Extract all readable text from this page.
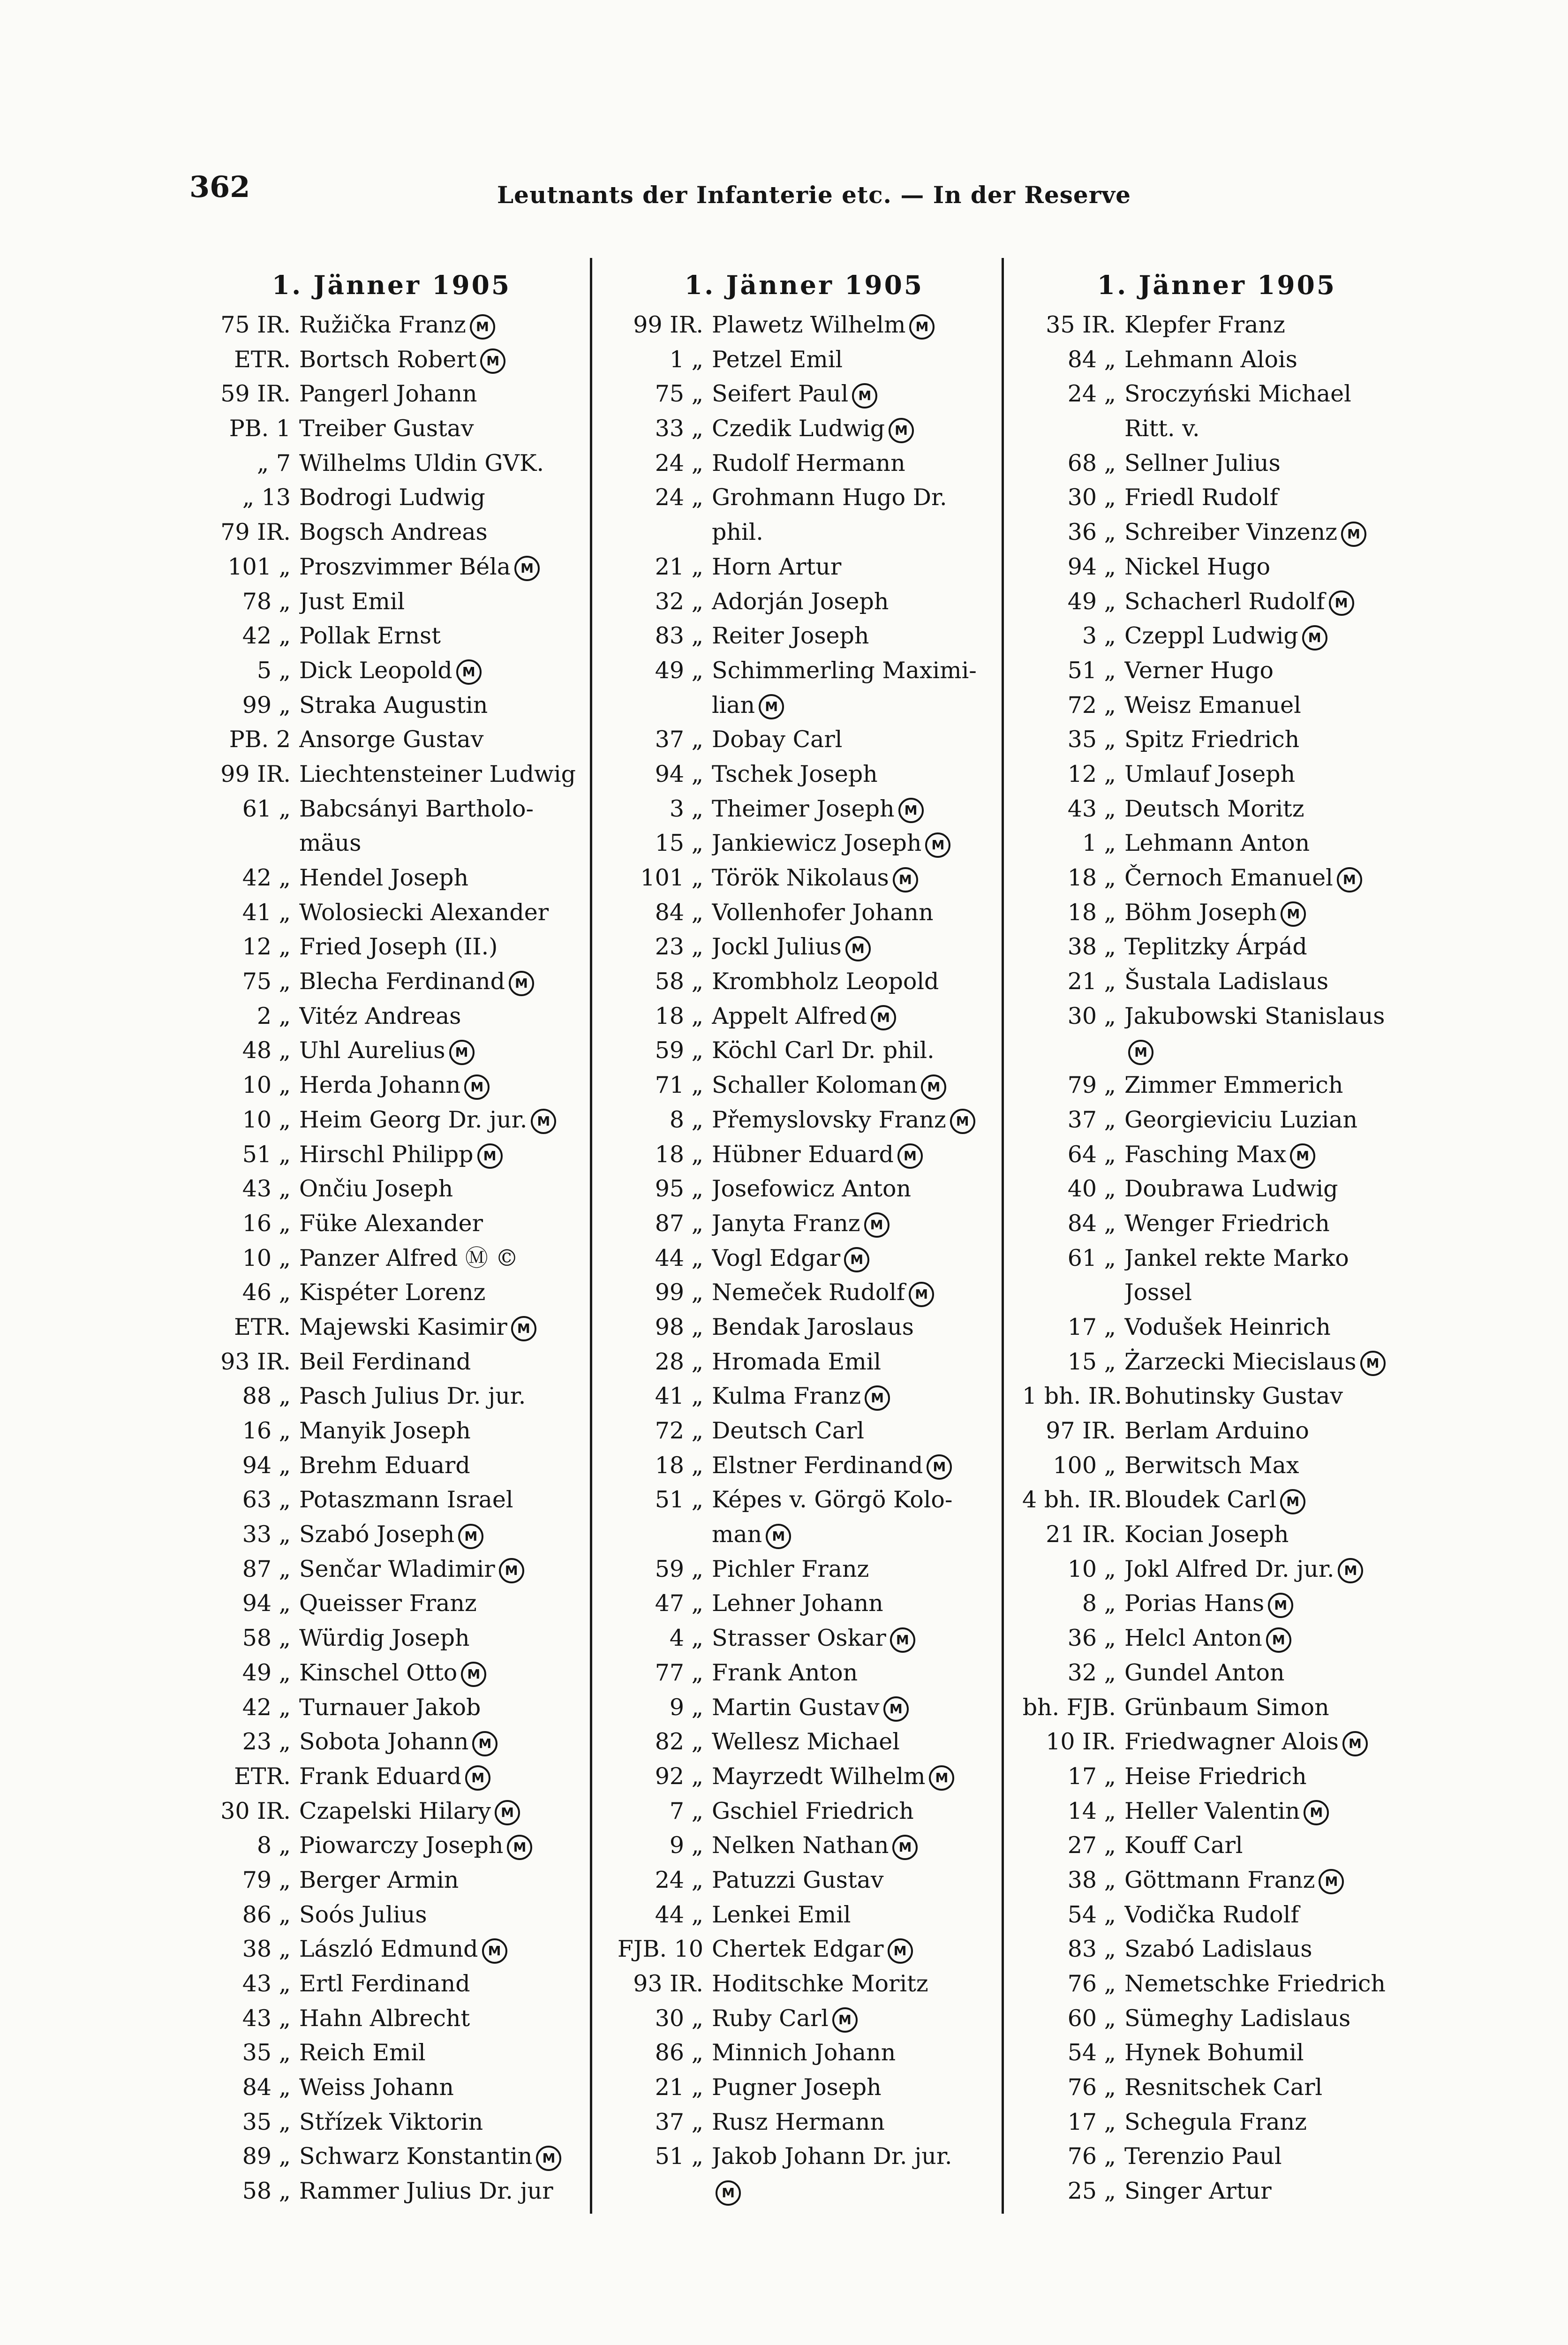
362	Leutnants der Infanterie etc. — In der Reserve
1. Jänner 1905
75 IR. Ružička Franz M
ETR. Bortsch Robert M
59 IR. Pangerl Johann
PB. 1 Treiber Gustav
„ 7 Wilhelms Uldin GVK.
„ 13 Bodrogi Ludwig
79 IR. Bogsch Andreas
101 „ Proszvimmer Béla M
78 „ Just Emil
42 „ Pollak Ernst
5 „ Dick Leopold M
99 „ Straka Augustin
PB. 2 Ansorge Gustav
99 IR. Liechtensteiner Ludwig
61 „ Babcsányi Bartholo-
mäus
42 „ Hendel Joseph
41 „ Wolosiecki Alexander
12 „ Fried Joseph (II.)
75 „ Blecha Ferdinand M
2 „ Vitéz Andreas
48 „ Uhl Aurelius M
10 „ Herda Johann M
10 „ Heim Georg Dr. jur. M
51 „ Hirschl Philipp M
43 „ Ončiu Joseph
16 „ Füke Alexander
10 „ Panzer Alfred Ⓜ ©
46 „ Kispéter Lorenz
ETR. Majewski Kasimir M
93 IR. Beil Ferdinand
88 „ Pasch Julius Dr. jur.
16 „ Manyik Joseph
94 „ Brehm Eduard
63 „ Potaszmann Israel
33 „ Szabó Joseph M
87 „ Senčar Wladimir M
94 „ Queisser Franz
58 „ Würdig Joseph
49 „ Kinschel Otto M
42 „ Turnauer Jakob
23 „ Sobota Johann M
ETR. Frank Eduard M
30 IR. Czapelski Hilary M
8 „ Piowarczy Joseph M
79 „ Berger Armin
86 „ Soós Julius
38 „ László Edmund M
43 „ Ertl Ferdinand
43 „ Hahn Albrecht
35 „ Reich Emil
84 „ Weiss Johann
35 „ Střízek Viktorin
89 „ Schwarz Konstantin M
58 „ Rammer Julius Dr. jur
1. Jänner 1905
99 IR. Plawetz Wilhelm M
1 „ Petzel Emil
75 „ Seifert Paul M
33 „ Czedik Ludwig M
24 „ Rudolf Hermann
24 „ Grohmann Hugo Dr.
phil.
21 „ Horn Artur
32 „ Adorján Joseph
83 „ Reiter Joseph
49 „ Schimmerling Maximi-
lian M
37 „ Dobay Carl
94 „ Tschek Joseph
3 „ Theimer Joseph M
15 „ Jankiewicz Joseph M
101 „ Török Nikolaus M
84 „ Vollenhofer Johann
23 „ Jockl Julius M
58 „ Krombholz Leopold
18 „ Appelt Alfred M
59 „ Köchl Carl Dr. phil.
71 „ Schaller Koloman M
8 „ Přemyslovsky Franz M
18 „ Hübner Eduard M
95 „ Josefowicz Anton
87 „ Janyta Franz M
44 „ Vogl Edgar M
99 „ Nemeček Rudolf M
98 „ Bendak Jaroslaus
28 „ Hromada Emil
41 „ Kulma Franz M
72 „ Deutsch Carl
18 „ Elstner Ferdinand M
51 „ Képes v. Görgö Kolo-
man M
59 „ Pichler Franz
47 „ Lehner Johann
4 „ Strasser Oskar M
77 „ Frank Anton
9 „ Martin Gustav M
82 „ Wellesz Michael
92 „ Mayrzedt Wilhelm M
7 „ Gschiel Friedrich
9 „ Nelken Nathan M
24 „ Patuzzi Gustav
44 „ Lenkei Emil
FJB. 10 Chertek Edgar M
93 IR. Hoditschke Moritz
30 „ Ruby Carl M
86 „ Minnich Johann
21 „ Pugner Joseph
37 „ Rusz Hermann
51 „ Jakob Johann Dr. jur.
M
1. Jänner 1905
35 IR. Klepfer Franz
84 „ Lehmann Alois
24 „ Sroczyński Michael
Ritt. v.
68 „ Sellner Julius
30 „ Friedl Rudolf
36 „ Schreiber Vinzenz M
94 „ Nickel Hugo
49 „ Schacherl Rudolf M
3 „ Czeppl Ludwig M
51 „ Verner Hugo
72 „ Weisz Emanuel
35 „ Spitz Friedrich
12 „ Umlauf Joseph
43 „ Deutsch Moritz
1 „ Lehmann Anton
18 „ Černoch Emanuel M
18 „ Böhm Joseph M
38 „ Teplitzky Árpád
21 „ Šustala Ladislaus
30 „ Jakubowski Stanislaus
M
79 „ Zimmer Emmerich
37 „ Georgieviciu Luzian
64 „ Fasching Max M
40 „ Doubrawa Ludwig
84 „ Wenger Friedrich
61 „ Jankel rekte Marko
Jossel
17 „ Vodušek Heinrich
15 „ Żarzecki Miecislaus M
1 bh. IR. Bohutinsky Gustav
97 IR. Berlam Arduino
100 „ Berwitsch Max
4 bh. IR. Bloudek Carl M
21 IR. Kocian Joseph
10 „ Jokl Alfred Dr. jur. M
8 „ Porias Hans M
36 „ Helcl Anton M
32 „ Gundel Anton
bh. FJB. Grünbaum Simon
10 IR. Friedwagner Alois M
17 „ Heise Friedrich
14 „ Heller Valentin M
27 „ Kouff Carl
38 „ Göttmann Franz M
54 „ Vodička Rudolf
83 „ Szabó Ladislaus
76 „ Nemetschke Friedrich
60 „ Sümeghy Ladislaus
54 „ Hynek Bohumil
76 „ Resnitschek Carl
17 „ Schegula Franz
76 „ Terenzio Paul
25 „ Singer Artur
